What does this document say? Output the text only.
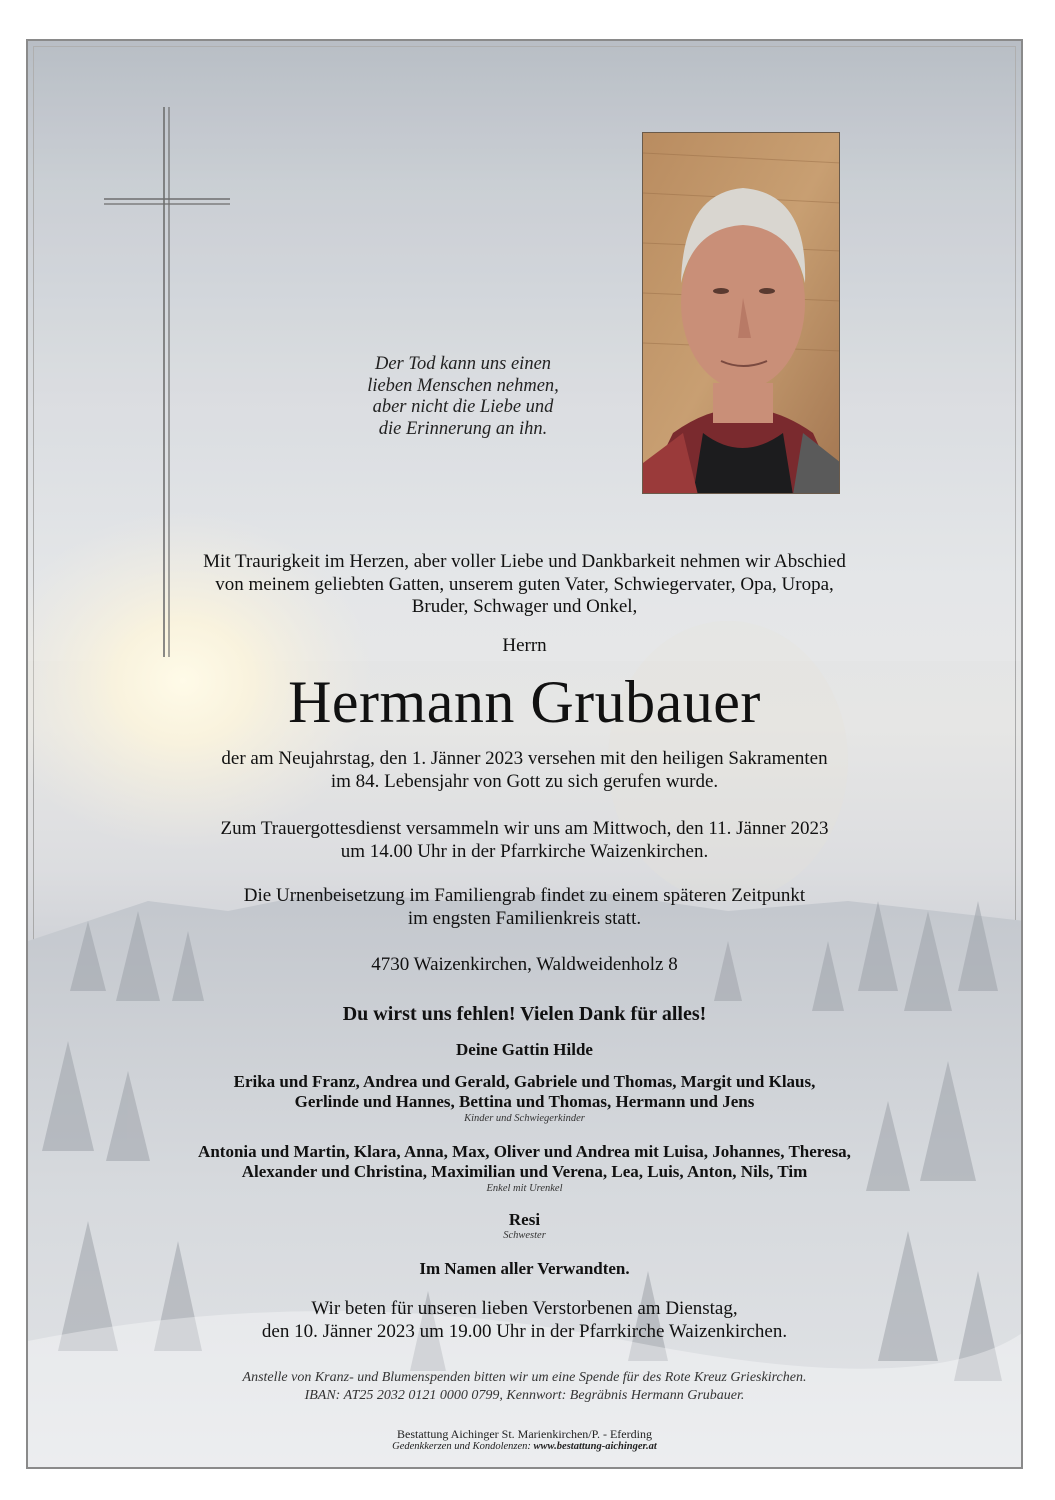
Der Tod kann uns einen
lieben Menschen nehmen,
aber nicht die Liebe und
die Erinnerung an ihn.
Mit Traurigkeit im Herzen, aber voller Liebe und Dankbarkeit nehmen wir Abschied
von meinem geliebten Gatten, unserem guten Vater, Schwiegervater, Opa, Uropa,
Bruder, Schwager und Onkel,
Herrn
Hermann Grubauer
der am Neujahrstag, den 1. Jänner 2023 versehen mit den heiligen Sakramenten
im 84. Lebensjahr von Gott zu sich gerufen wurde.
Zum Trauergottesdienst versammeln wir uns am Mittwoch, den 11. Jänner 2023
um 14.00 Uhr in der Pfarrkirche Waizenkirchen.
Die Urnenbeisetzung im Familiengrab findet zu einem späteren Zeitpunkt
im engsten Familienkreis statt.
4730 Waizenkirchen, Waldweidenholz 8
Du wirst uns fehlen! Vielen Dank für alles!
Deine Gattin Hilde
Erika und Franz, Andrea und Gerald, Gabriele und Thomas, Margit und Klaus,
Gerlinde und Hannes, Bettina und Thomas, Hermann und Jens
Kinder und Schwiegerkinder
Antonia und Martin, Klara, Anna, Max, Oliver und Andrea mit Luisa, Johannes, Theresa,
Alexander und Christina, Maximilian und Verena, Lea, Luis, Anton, Nils, Tim
Enkel mit Urenkel
Resi
Schwester
Im Namen aller Verwandten.
Wir beten für unseren lieben Verstorbenen am Dienstag,
den 10. Jänner 2023 um 19.00 Uhr in der Pfarrkirche Waizenkirchen.
Anstelle von Kranz- und Blumenspenden bitten wir um eine Spende für des Rote Kreuz Grieskirchen.
IBAN: AT25 2032 0121 0000 0799, Kennwort: Begräbnis Hermann Grubauer.
Bestattung Aichinger St. Marienkirchen/P. - Eferding
Gedenkkerzen und Kondolenzen: www.bestattung-aichinger.at
